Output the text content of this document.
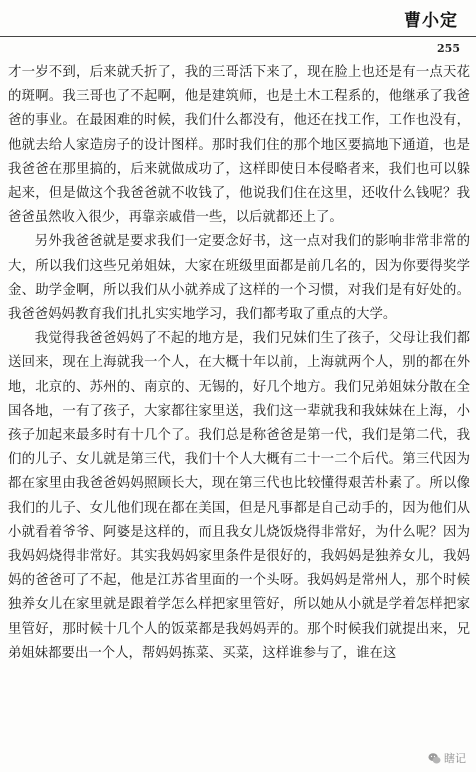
曹小定
255

才一岁不到，后来就夭折了，我的三哥活下来了，现在脸上也还是有一点天花的斑啊。我三哥也了不起啊，他是建筑师，也是土木工程系的，他继承了我爸爸的事业。在最困难的时候，我们什么都没有，他还在找工作，工作也没有，他就去给人家造房子的设计图样。那时我们住的那个地区要搞地下通道，也是我爸爸在那里搞的，后来就做成功了，这样即使日本侵略者来，我们也可以躲起来，但是做这个我爸爸就不收钱了，他说我们住在这里，还收什么钱呢？我爸爸虽然收入很少，再靠亲戚借一些，以后就都还上了。

另外我爸爸就是要求我们一定要念好书，这一点对我们的影响非常非常的大，所以我们这些兄弟姐妹，大家在班级里面都是前几名的，因为你要得奖学金、助学金啊，所以我们从小就养成了这样的一个习惯，对我们是有好处的。我爸爸妈妈教育我们扎扎实实地学习，我们都考取了重点的大学。

我觉得我爸爸妈妈了不起的地方是，我们兄妹们生了孩子，父母让我们都送回来，现在上海就我一个人，在大概十年以前，上海就两个人，别的都在外地，北京的、苏州的、南京的、无锡的，好几个地方。我们兄弟姐妹分散在全国各地，一有了孩子，大家都往家里送，我们这一辈就我和我妹妹在上海，小孩子加起来最多时有十几个了。我们总是称爸爸是第一代，我们是第二代，我们的儿子、女儿就是第三代，我们十个人大概有二十一二个后代。第三代因为都在家里由我爸爸妈妈照顾长大，现在第三代也比较懂得艰苦朴素了。所以像我们的儿子、女儿他们现在都在美国，但是凡事都是自己动手的，因为他们从小就看着爷爷、阿婆是这样的，而且我女儿烧饭烧得非常好，为什么呢？因为我妈妈烧得非常好。其实我妈妈家里条件是很好的，我妈妈是独养女儿，我妈妈的爸爸可了不起，他是江苏省里面的一个头呀。我妈妈是常州人，那个时候独养女儿在家里就是跟着学怎么样把家里管好，所以她从小就是学着怎样把家里管好，那时候十几个人的饭菜都是我妈妈弄的。那个时候我们就提出来，兄弟姐妹都要出一个人，帮妈妈拣菜、买菜，这样谁参与了，谁在这

瞎记
